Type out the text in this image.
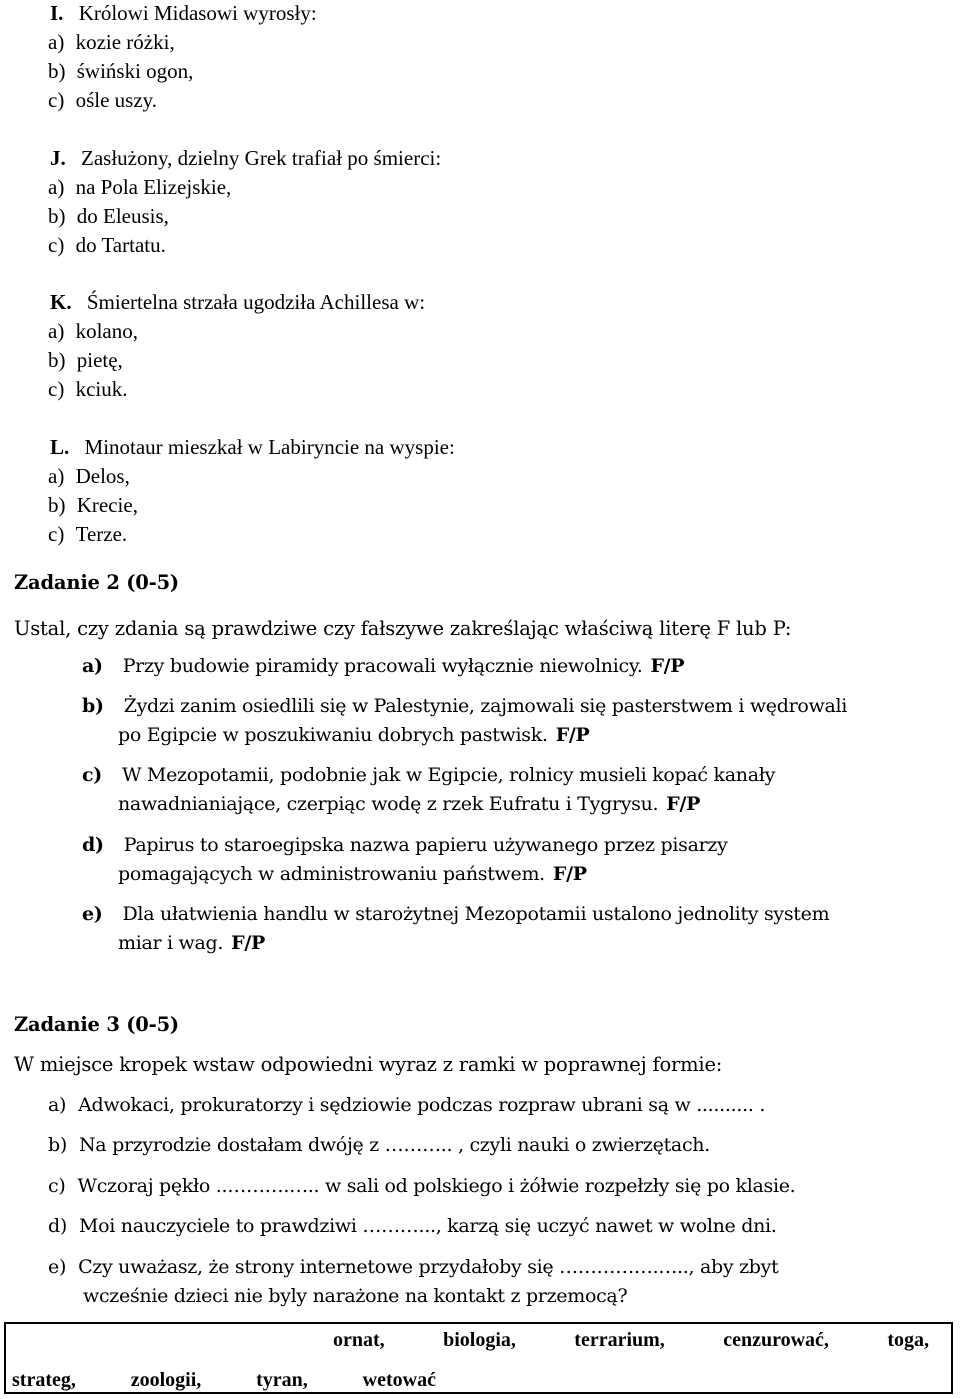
I. Królowi Midasowi wyrosły:
a) kozie różki,
b) świński ogon,
c) ośle uszy.
J. Zasłużony, dzielny Grek trafiał po śmierci:
a) na Pola Elizejskie,
b) do Eleusis,
c) do Tartatu.
K. Śmiertelna strzała ugodziła Achillesa w:
a) kolano,
b) pietę,
c) kciuk.
L. Minotaur mieszkał w Labiryncie na wyspie:
a) Delos,
b) Krecie,
c) Terze.
Zadanie 2 (0-5)
Ustal, czy zdania są prawdziwe czy fałszywe zakreślając właściwą literę F lub P:
a) Przy budowie piramidy pracowali wyłącznie niewolnicy. F/P
b) Żydzi zanim osiedlili się w Palestynie, zajmowali się pasterstwem i wędrowali
po Egipcie w poszukiwaniu dobrych pastwisk. F/P
c) W Mezopotamii, podobnie jak w Egipcie, rolnicy musieli kopać kanały
nawadnianiające, czerpiąc wodę z rzek Eufratu i Tygrysu. F/P
d) Papirus to staroegipska nazwa papieru używanego przez pisarzy
pomagających w administrowaniu państwem. F/P
e) Dla ułatwienia handlu w starożytnej Mezopotamii ustalono jednolity system
miar i wag. F/P
Zadanie 3 (0-5)
W miejsce kropek wstaw odpowiedni wyraz z ramki w poprawnej formie:
a) Adwokaci, prokuratorzy i sędziowie podczas rozpraw ubrani są w .......... .
b) Na przyrodzie dostałam dwóję z ……….. , czyli nauki o zwierzętach.
c) Wczoraj pękło ..……….….. w sali od polskiego i żółwie rozpełzły się po klasie.
d) Moi nauczyciele to prawdziwi ………..., karzą się uczyć nawet w wolne dni.
e) Czy uważasz, że strony internetowe przydałoby się …………….….., aby zbyt
wcześnie dzieci nie byly narażone na kontakt z przemocą?
ornat,	biologia,	terrarium,	cenzurować,	toga,
strateg,	zoologii,	tyran,	wetować
